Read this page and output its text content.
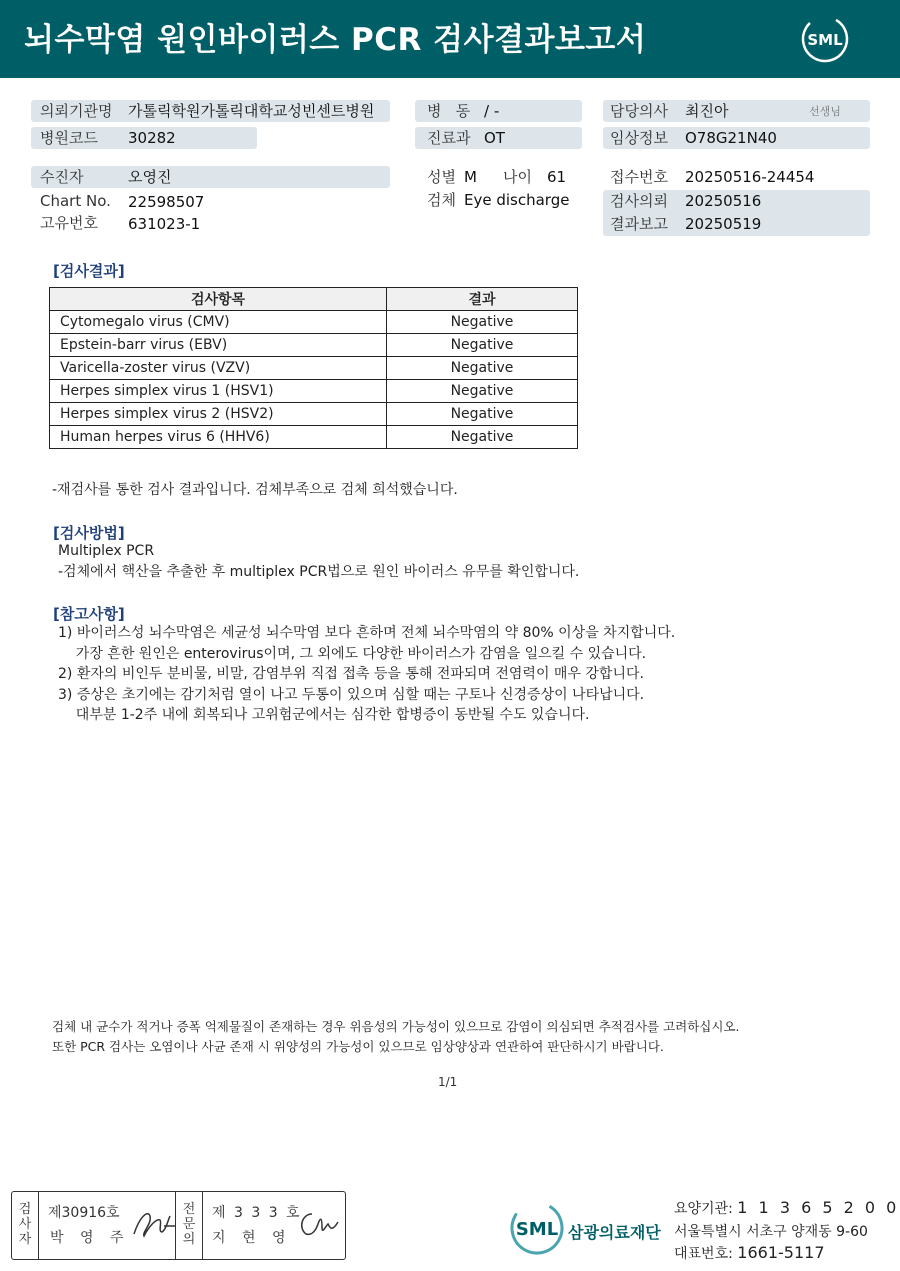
뇌수막염 원인바이러스 PCR 검사결과보고서	SML
의뢰기관명 가톨릭학원가톨릭대학교성빈센트병원
병원코드 30282
병   동 / -
진료과 OT
담당의사 최진아	선생님
임상정보 O78G21N40
수진자	오영진
Chart No. 22598507
고유번호 631023-1
성별 M 나이 61
검체 Eye discharge
접수번호 20250516-24454
검사의뢰 20250516
결과보고 20250519
[검사결과]
검사항목	결과
Cytomegalo virus (CMV)	Negative
Epstein-barr virus (EBV)	Negative
Varicella-zoster virus (VZV)	Negative
Herpes simplex virus 1 (HSV1)	Negative
Herpes simplex virus 2 (HSV2)	Negative
Human herpes virus 6 (HHV6)	Negative
-재검사를 통한 검사 결과입니다. 검체부족으로 검체 희석했습니다.
[검사방법]
Multiplex PCR
-검체에서 핵산을 추출한 후 multiplex PCR법으로 원인 바이러스 유무를 확인합니다.
[참고사항]
1) 바이러스성 뇌수막염은 세균성 뇌수막염 보다 흔하며 전체 뇌수막염의 약 80% 이상을 차지합니다.
가장 흔한 원인은 enterovirus이며, 그 외에도 다양한 바이러스가 감염을 일으킬 수 있습니다.
2) 환자의 비인두 분비물, 비말, 감염부위 직접 접촉 등을 통해 전파되며 전염력이 매우 강합니다.
3) 증상은 초기에는 감기처럼 열이 나고 두통이 있으며 심할 때는 구토나 신경증상이 나타납니다.
대부분 1-2주 내에 회복되나 고위험군에서는 심각한 합병증이 동반될 수도 있습니다.
검체 내 균수가 적거나 증폭 억제물질이 존재하는 경우 위음성의 가능성이 있으므로 감염이 의심되면 추적검사를 고려하십시오.
또한 PCR 검사는 오염이나 사균 존재 시 위양성의 가능성이 있으므로 임상양상과 연관하여 판단하시기 바랍니다.
1/1
검
사
자
제30916호
박 영 주
전
문
의
제 3 3 3 호
지 현 영	SML 삼광의료재단
요양기관: 1 1 3 6 5 2 0 0
서울특별시 서초구 양재동 9-60
대표번호: 1661-5117
